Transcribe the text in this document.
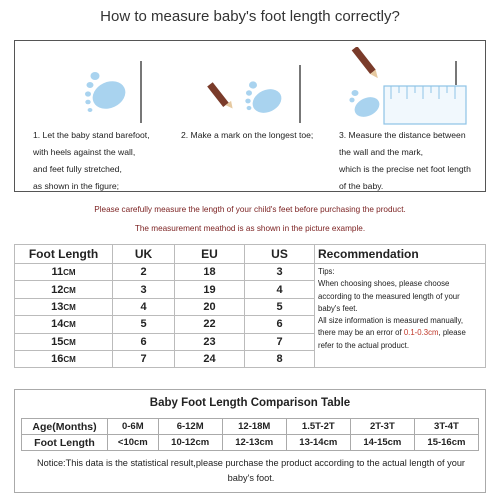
How to measure baby's foot length correctly?
1. Let the baby stand barefoot,
with heels against the wall,
and feet fully stretched,
as shown in the figure;
2. Make a mark on the longest toe;	3. Measure the distance between
the wall and the mark,
which is the precise net foot length
of the baby.
Please carefully measure the length of your child's feet before purchasing the product.
The measurement meathod is as shown in the picture example.
Foot Length	UK	EU	US	Recommendation
11CM	2	18	3	Tips:
When choosing shoes, please choose according to the measured length of your baby's feet.
All size information is measured manually, there may be an error of 0.1-0.3cm, please refer to the actual product.

12CM	3	19	4	
13CM	4	20	5	
14CM	5	22	6	
15CM	6	23	7	
16CM	7	24	8	
Baby Foot Length Comparison Table
Age(Months)	0-6M	6-12M	12-18M	1.5T-2T	2T-3T	3T-4T
Foot Length	<10cm	10-12cm	12-13cm	13-14cm	14-15cm	15-16cm
Notice:This data is the statistical result,please purchase the product according to the actual length of your baby's foot.
